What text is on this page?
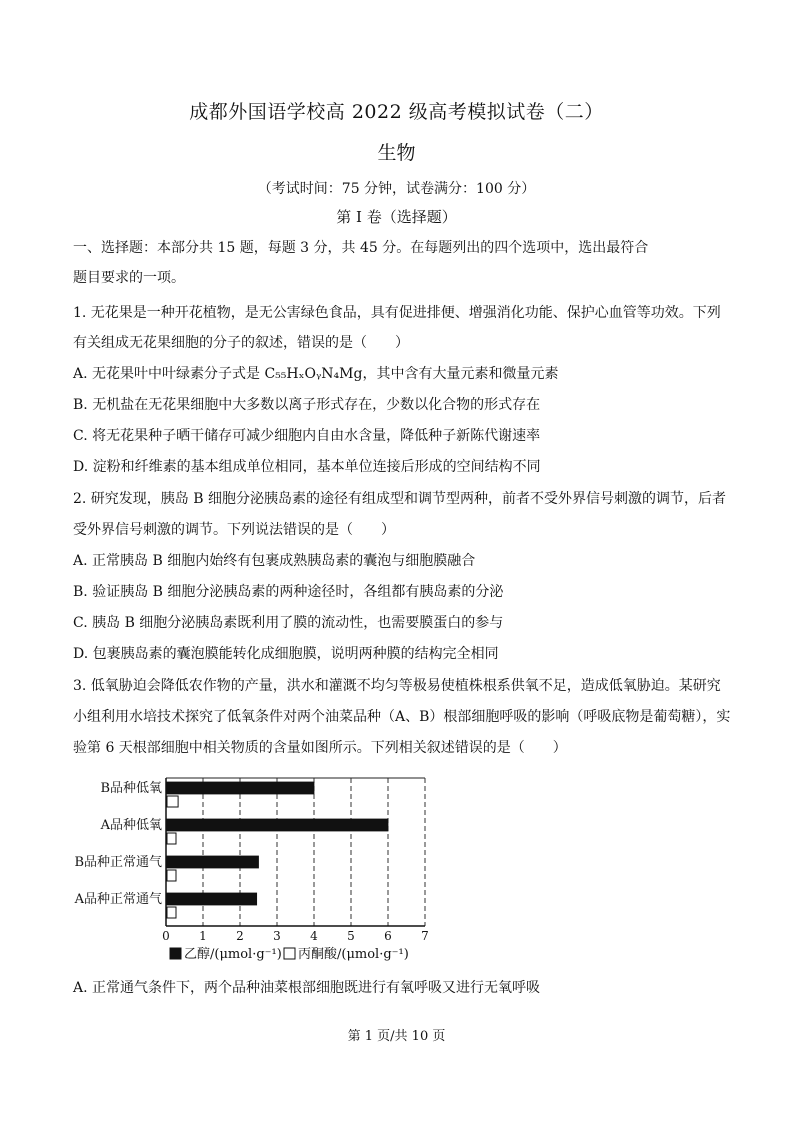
成都外国语学校高 2022 级高考模拟试卷（二）
生物
（考试时间：75 分钟，试卷满分：100 分）
第 I 卷（选择题）
一、选择题：本部分共 15 题，每题 3 分，共 45 分。在每题列出的四个选项中，选出最符合
题目要求的一项。
1. 无花果是一种开花植物，是无公害绿色食品，具有促进排便、增强消化功能、保护心血管等功效。下列
有关组成无花果细胞的分子的叙述，错误的是（　　）
A. 无花果叶中叶绿素分子式是 C₅₅HₓOᵧN₄Mg，其中含有大量元素和微量元素
B. 无机盐在无花果细胞中大多数以离子形式存在，少数以化合物的形式存在
C. 将无花果种子晒干储存可减少细胞内自由水含量，降低种子新陈代谢速率
D. 淀粉和纤维素的基本组成单位相同，基本单位连接后形成的空间结构不同
2. 研究发现，胰岛 B 细胞分泌胰岛素的途径有组成型和调节型两种，前者不受外界信号刺激的调节，后者
受外界信号刺激的调节。下列说法错误的是（　　）
A. 正常胰岛 B 细胞内始终有包裹成熟胰岛素的囊泡与细胞膜融合
B. 验证胰岛 B 细胞分泌胰岛素的两种途径时，各组都有胰岛素的分泌
C. 胰岛 B 细胞分泌胰岛素既利用了膜的流动性，也需要膜蛋白的参与
D. 包裹胰岛素的囊泡膜能转化成细胞膜，说明两种膜的结构完全相同
3. 低氧胁迫会降低农作物的产量，洪水和灌溉不均匀等极易使植株根系供氧不足，造成低氧胁迫。某研究
小组利用水培技术探究了低氧条件对两个油菜品种（A、B）根部细胞呼吸的影响（呼吸底物是葡萄糖），实
验第 6 天根部细胞中相关物质的含量如图所示。下列相关叙述错误的是（　　）
0 1 2 3 4 5 6 7
B品种低氧
A品种低氧
B品种正常通气
A品种正常通气
乙醇/(μmol·g⁻¹) 丙酮酸/(μmol·g⁻¹)
A. 正常通气条件下，两个品种油菜根部细胞既进行有氧呼吸又进行无氧呼吸
第 1 页/共 10 页
